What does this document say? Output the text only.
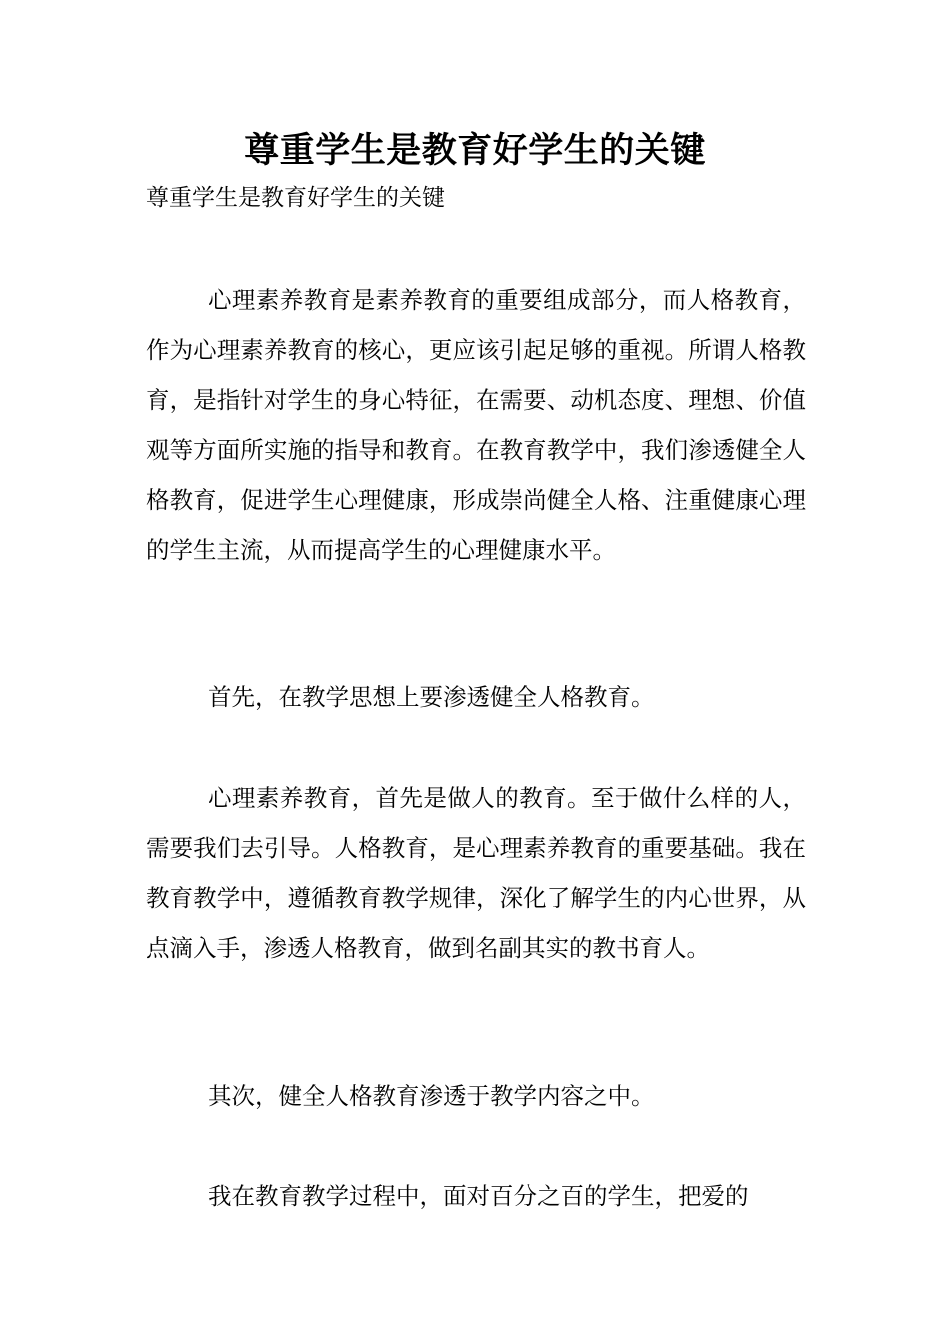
尊重学生是教育好学生的关键

尊重学生是教育好学生的关键

心理素养教育是素养教育的重要组成部分，而人格教育，作为心理素养教育的核心，更应该引起足够的重视。所谓人格教育，是指针对学生的身心特征，在需要、动机态度、理想、价值观等方面所实施的指导和教育。在教育教学中，我们渗透健全人格教育，促进学生心理健康，形成崇尚健全人格、注重健康心理的学生主流，从而提高学生的心理健康水平。

首先，在教学思想上要渗透健全人格教育。

心理素养教育，首先是做人的教育。至于做什么样的人，需要我们去引导。人格教育，是心理素养教育的重要基础。我在教育教学中，遵循教育教学规律，深化了解学生的内心世界，从点滴入手，渗透人格教育，做到名副其实的教书育人。

其次，健全人格教育渗透于教学内容之中。

我在教育教学过程中，面对百分之百的学生，把爱的
